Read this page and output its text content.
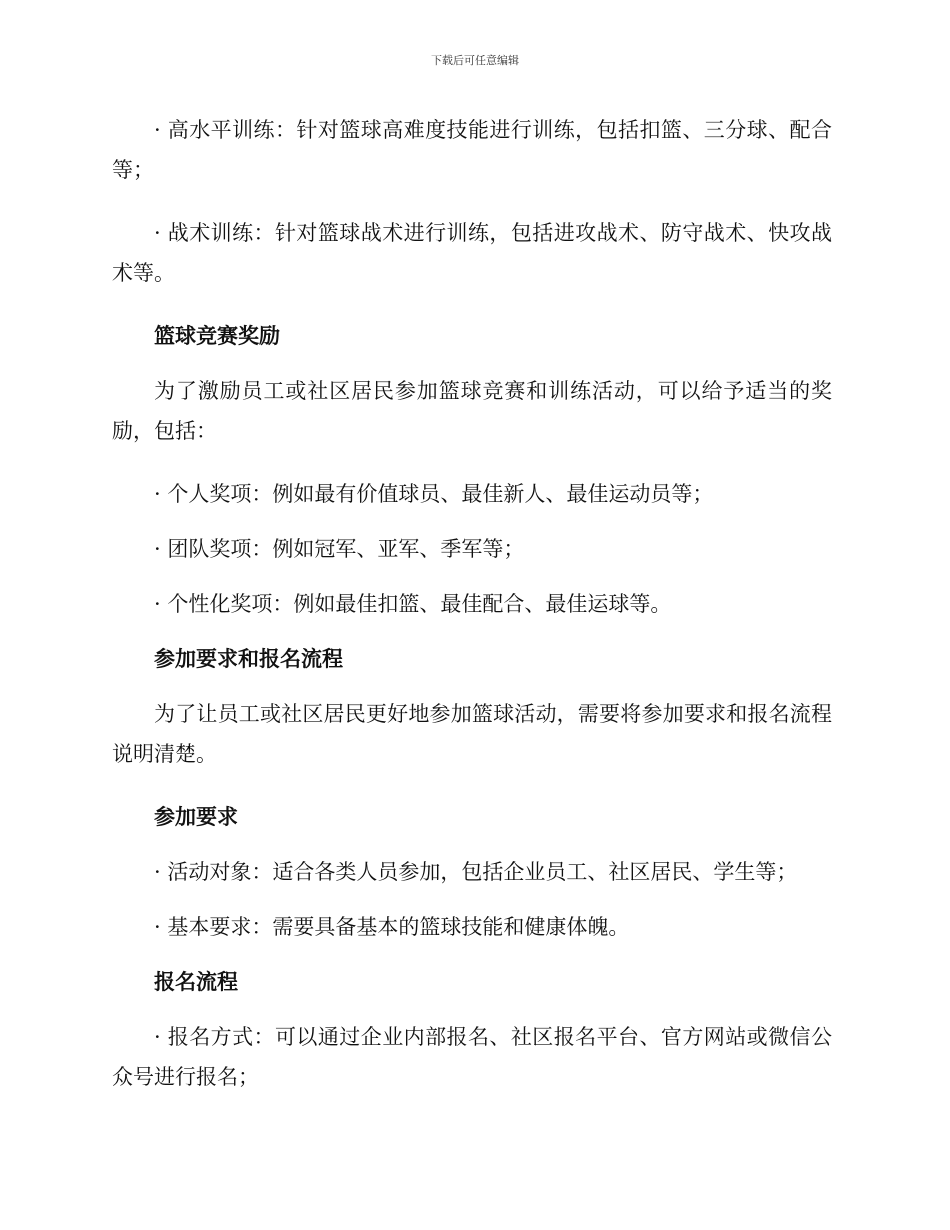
下载后可任意编辑

· 高水平训练：针对篮球高难度技能进行训练，包括扣篮、三分球、配合等；

· 战术训练：针对篮球战术进行训练，包括进攻战术、防守战术、快攻战术等。

篮球竞赛奖励

为了激励员工或社区居民参加篮球竞赛和训练活动，可以给予适当的奖励，包括：

· 个人奖项：例如最有价值球员、最佳新人、最佳运动员等；

· 团队奖项：例如冠军、亚军、季军等；

· 个性化奖项：例如最佳扣篮、最佳配合、最佳运球等。

参加要求和报名流程

为了让员工或社区居民更好地参加篮球活动，需要将参加要求和报名流程说明清楚。

参加要求

· 活动对象：适合各类人员参加，包括企业员工、社区居民、学生等；

· 基本要求：需要具备基本的篮球技能和健康体魄。

报名流程

· 报名方式：可以通过企业内部报名、社区报名平台、官方网站或微信公众号进行报名；
